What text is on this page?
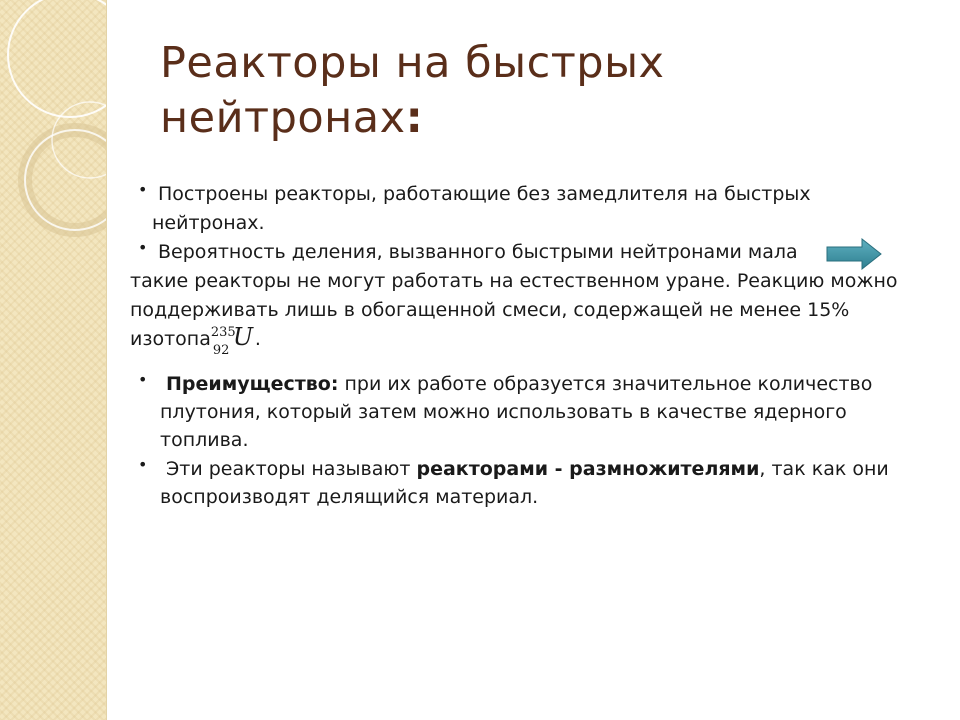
Реакторы на быстрых
нейтронах:
• Построены реакторы, работающие без замедлителя на быстрых
нейтронах.
• Вероятность деления, вызванного быстрыми нейтронами мала
такие реакторы не могут работать на естественном уране. Реакцию можно
поддерживать лишь в обогащенной смеси, содержащей не менее 15%
изотопа 235
92 U .
• Преимущество: при их работе образуется значительное количество
плутония, который затем можно использовать в качестве ядерного
топлива.
• Эти реакторы называют реакторами - размножителями, так как они
воспроизводят делящийся материал.
